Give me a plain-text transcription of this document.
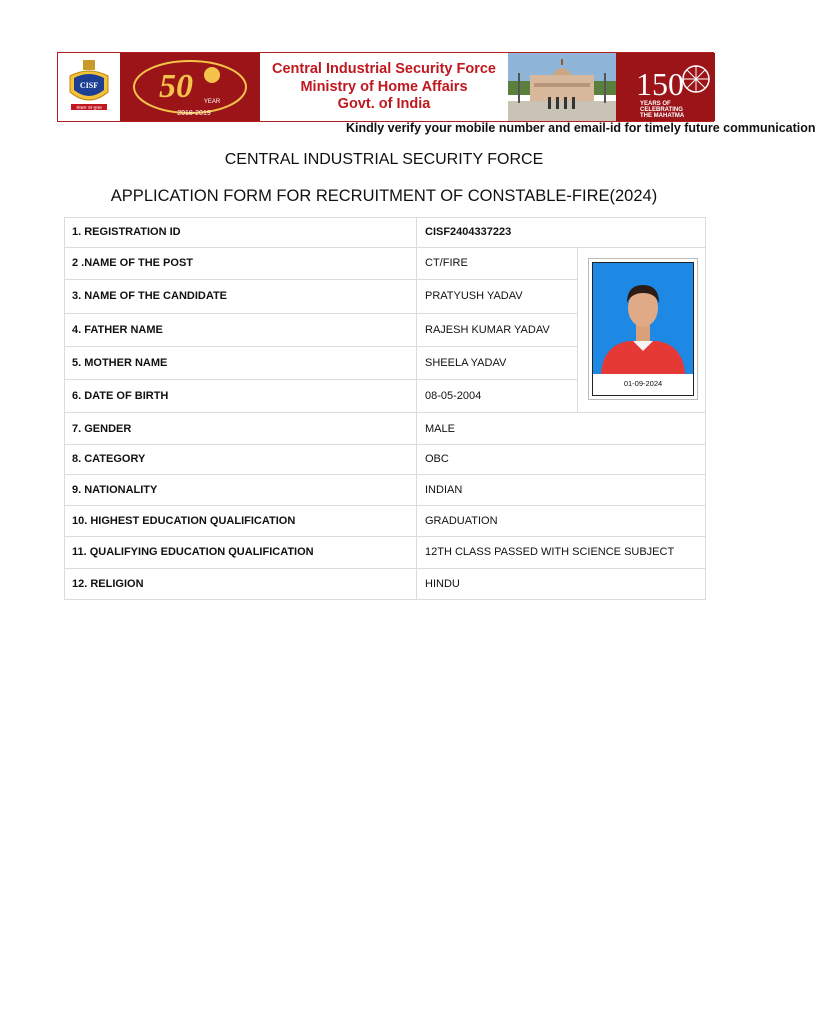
CISF
संरक्षण एवं सुरक्षा
50 YEAR
2018-2019
Central Industrial Security Force
Ministry of Home Affairs
Govt. of India
150
YEARS OF
CELEBRATING
THE MAHATMA
Kindly verify your mobile number and email-id for timely future communication
CENTRAL INDUSTRIAL SECURITY FORCE
APPLICATION FORM FOR RECRUITMENT OF CONSTABLE-FIRE(2024)
1. REGISTRATION ID	CISF2404337223
2 .NAME OF THE POST	CT/FIRE
3. NAME OF THE CANDIDATE	PRATYUSH YADAV
4. FATHER NAME	RAJESH KUMAR YADAV
5. MOTHER NAME	SHEELA YADAV
6. DATE OF BIRTH	08-05-2004
7. GENDER	MALE
8. CATEGORY	OBC
9. NATIONALITY	INDIAN
10. HIGHEST EDUCATION QUALIFICATION	GRADUATION
11. QUALIFYING EDUCATION QUALIFICATION	12TH CLASS PASSED WITH SCIENCE SUBJECT
12. RELIGION	HINDU
01-09-2024
